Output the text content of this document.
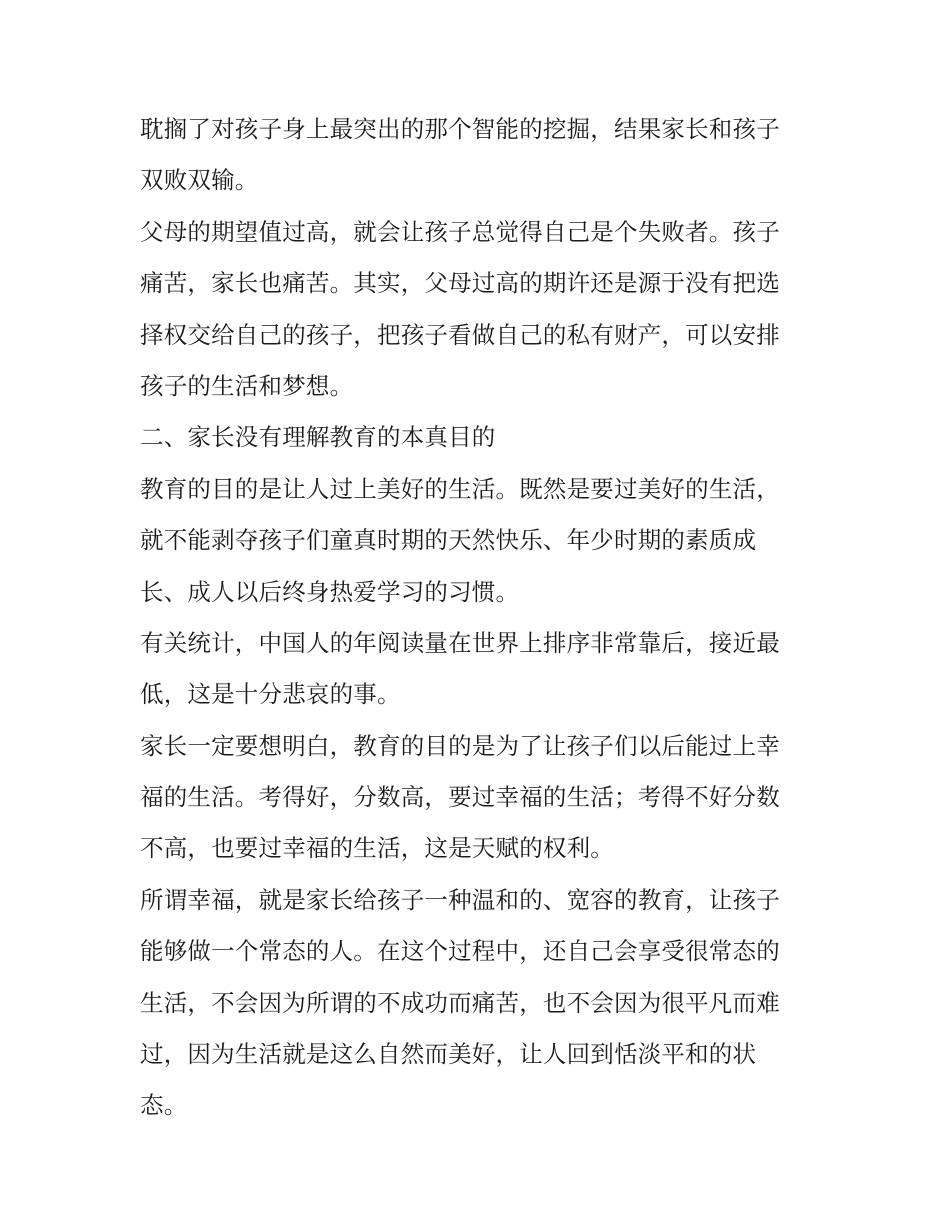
耽搁了对孩子身上最突出的那个智能的挖掘，结果家长和孩子
双败双输。
父母的期望值过高，就会让孩子总觉得自己是个失败者。孩子
痛苦，家长也痛苦。其实，父母过高的期许还是源于没有把选
择权交给自己的孩子，把孩子看做自己的私有财产，可以安排
孩子的生活和梦想。
二、家长没有理解教育的本真目的
教育的目的是让人过上美好的生活。既然是要过美好的生活，
就不能剥夺孩子们童真时期的天然快乐、年少时期的素质成
长、成人以后终身热爱学习的习惯。
有关统计，中国人的年阅读量在世界上排序非常靠后，接近最
低，这是十分悲哀的事。
家长一定要想明白，教育的目的是为了让孩子们以后能过上幸
福的生活。考得好，分数高，要过幸福的生活；考得不好分数
不高，也要过幸福的生活，这是天赋的权利。
所谓幸福，就是家长给孩子一种温和的、宽容的教育，让孩子
能够做一个常态的人。在这个过程中，还自己会享受很常态的
生活，不会因为所谓的不成功而痛苦，也不会因为很平凡而难
过，因为生活就是这么自然而美好，让人回到恬淡平和的状
态。
